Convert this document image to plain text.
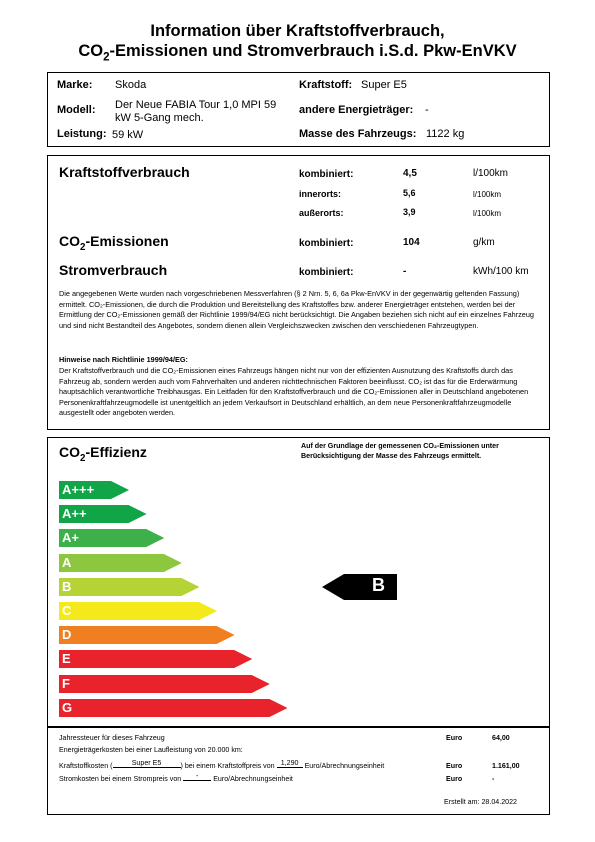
Information über Kraftstoffverbrauch,
$CO_2$-Emissionen und Stromverbrauch i.S.d. Pkw-EnVKV
Marke: Skoda
Modell: Der Neue FABIA Tour 1,0 MPI 59
kW 5-Gang mech.
Leistung: 59 kW
Kraftstoff: Super E5
andere Energieträger: -
Masse des Fahrzeugs: 1122 kg
Kraftstoffverbrauch	kombiniert:	4,5	l/100km
innerorts:	5,6	l/100km
außerorts:	3,9	l/100km
$CO_2$-Emissionen	kombiniert:	104	g/km
Stromverbrauch	kombiniert:	-	kWh/100 km
Die angegebenen Werte wurden nach vorgeschriebenen Messverfahren (§ 2 Nrn. 5, 6, 6a Pkw-EnVKV in der gegenwärtig geltenden Fassung) ermittelt. CO₂-Emissionen, die durch die Produktion und Bereitstellung des Kraftstoffes bzw. anderer Energieträger entstehen, werden bei der Ermittlung der CO₂-Emissionen gemäß der Richtlinie 1999/94/EG nicht berücksichtigt. Die Angaben beziehen sich nicht auf ein einzelnes Fahrzeug und sind nicht Bestandteil des Angebotes, sondern dienen allein Vergleichszwecken zwischen den verschiedenen Fahrzeugtypen.
Hinweise nach Richtlinie 1999/94/EG:
Der Kraftstoffverbrauch und die CO₂-Emissionen eines Fahrzeugs hängen nicht nur von der effizienten Ausnutzung des Kraftstoffs durch das Fahrzeug ab, sondern werden auch vom Fahrverhalten und anderen nichttechnischen Faktoren beeinflusst. CO₂ ist das für die Erderwärmung hauptsächlich verantwortliche Treibhausgas. Ein Leitfaden für den Kraftstoffverbrauch und die CO₂-Emissionen aller in Deutschland angebotenen Personenkraftfahrzeugmodelle ist unentgeltlich an jedem Verkaufsort in Deutschland erhältlich, an dem neue Personenkraftfahrzeugmodelle ausgestellt oder angeboten werden.
$CO_2$-Effizienz	Auf der Grundlage der gemessenen CO₂-Emissionen unter
Berücksichtigung der Masse des Fahrzeugs ermittelt.
A+++
A++
A+
A
B
C
D
E
F
G
B
Jahressteuer für dieses Fahrzeug	Euro	64,00
Energieträgerkosten bei einer Laufleistung von 20.000 km:
Kraftstoffkosten (	Super E5	) bei einem Kraftstoffpreis von 1,290 Euro/Abrechnungseinheit	Euro	1.161,00
Stromkosten bei einem Strompreis von - Euro/Abrechnungseinheit	Euro	-
Erstellt am: 28.04.2022
